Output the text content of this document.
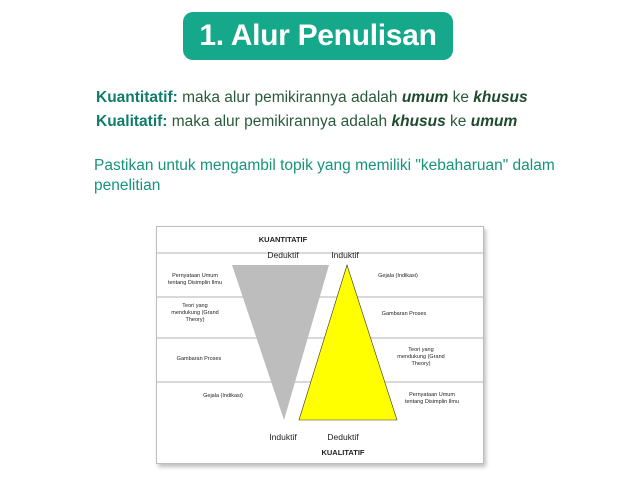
1. Alur Penulisan
Kuantitatif: maka alur pemikirannya adalah umum ke khusus
Kualitatif: maka alur pemikirannya adalah khusus ke umum
Pastikan untuk mengambil topik yang memiliki "kebaharuan" dalam penelitian
KUANTITATIF
Deduktif	Induktif
Induktif	Deduktif
KUALITATIF
Pernyataan Umum
tentang Disimplin Ilmu
Teori yang
mendukung (Grand
Theory)
Gambaran Proses
Gejala (Indikasi)
Gejala (Indikasi)
Gambaran Proses
Teori yang
mendukung (Grand
Theory)
Pernyataan Umum
tentang Disimplin Ilmu
